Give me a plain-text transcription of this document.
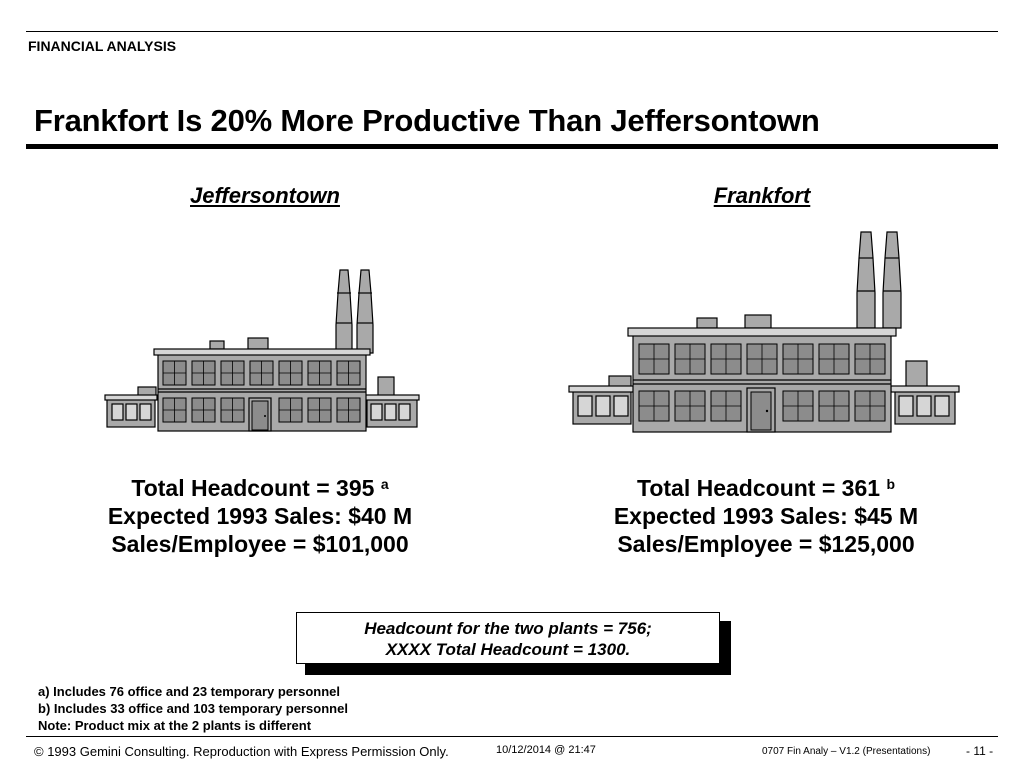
FINANCIAL ANALYSIS
Frankfort Is 20% More Productive Than Jeffersontown
Jeffersontown	Frankfort
Total Headcount = 395 $^a$
Expected 1993 Sales: $40 M
Sales/Employee = $101,000
Total Headcount = 361 $^b$
Expected 1993 Sales: $45 M
Sales/Employee = $125,000
Headcount for the two plants = 756;
XXXX Total Headcount = 1300.
a) Includes 76 office and 23 temporary personnel
b) Includes 33 office and 103 temporary personnel
Note: Product mix at the 2 plants is different
© 1993 Gemini Consulting. Reproduction with Express Permission Only.	10/12/2014 @ 21:47	0707 Fin Analy – V1.2 (Presentations)	- 11 -
